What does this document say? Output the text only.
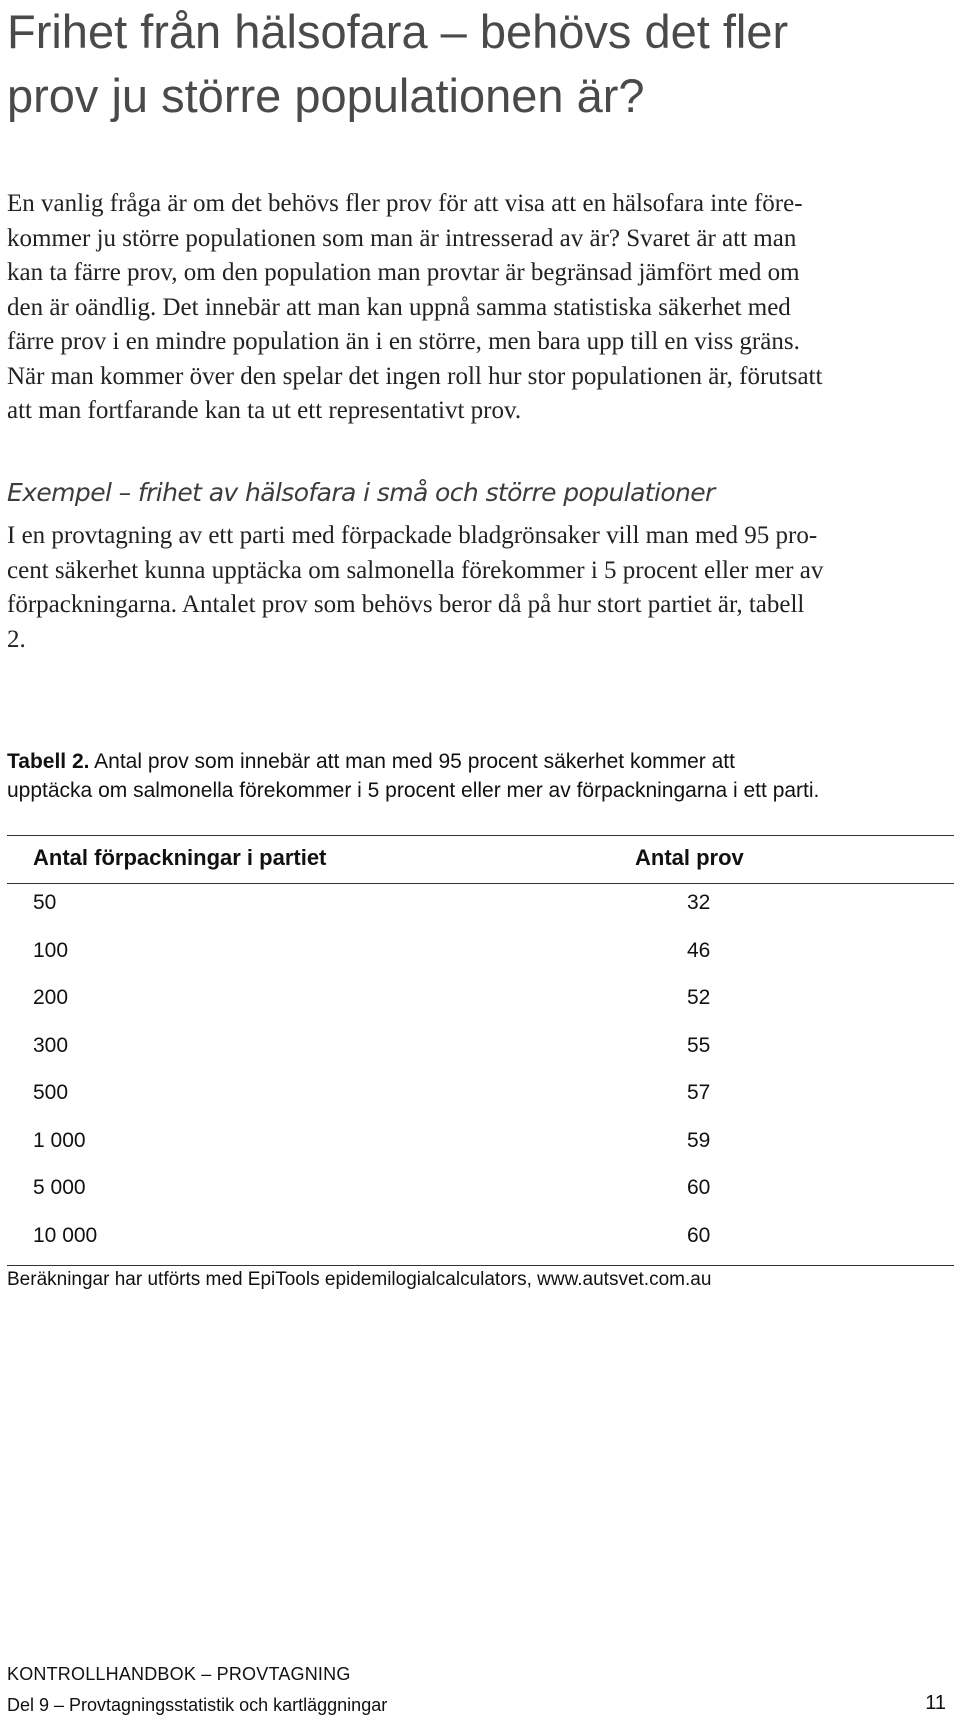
Frihet från hälsofara – behövs det fler
prov ju större populationen är?

En vanlig fråga är om det behövs fler prov för att visa att en hälsofara inte före-
kommer ju större populationen som man är intresserad av är? Svaret är att man
kan ta färre prov, om den population man provtar är begränsad jämfört med om
den är oändlig. Det innebär att man kan uppnå samma statistiska säkerhet med
färre prov i en mindre population än i en större, men bara upp till en viss gräns.
När man kommer över den spelar det ingen roll hur stor populationen är, förutsatt
att man fortfarande kan ta ut ett representativt prov.

Exempel – frihet av hälsofara i små och större populationer

I en provtagning av ett parti med förpackade bladgrönsaker vill man med 95 pro-
cent säkerhet kunna upptäcka om salmonella förekommer i 5 procent eller mer av
förpackningarna. Antalet prov som behövs beror då på hur stort partiet är, tabell
2.

Tabell 2. Antal prov som innebär att man med 95 procent säkerhet kommer att
upptäcka om salmonella förekommer i 5 procent eller mer av förpackningarna i ett parti.

Antal förpackningar i partiet	Antal prov
50	32
100	46
200	52
300	55
500	57
1 000	59
5 000	60
10 000	60

Beräkningar har utförts med EpiTools epidemilogialcalculators, www.autsvet.com.au

KONTROLLHANDBOK – PROVTAGNING
Del 9 – Provtagningsstatistik och kartläggningar	11
